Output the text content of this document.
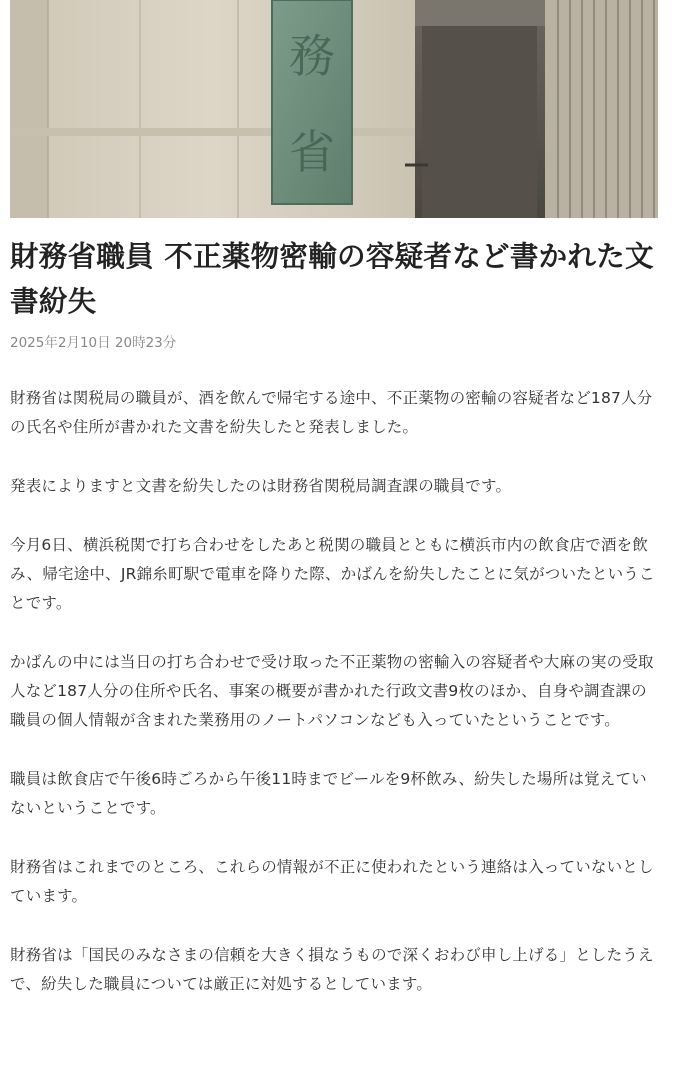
務
省
財務省職員 不正薬物密輸の容疑者など書かれた文書紛失

2025年2月10日 20時23分

財務省は関税局の職員が、酒を飲んで帰宅する途中、不正薬物の密輸の容疑者など187人分の氏名や住所が書かれた文書を紛失したと発表しました。

発表によりますと文書を紛失したのは財務省関税局調査課の職員です。

今月6日、横浜税関で打ち合わせをしたあと税関の職員とともに横浜市内の飲食店で酒を飲み、帰宅途中、JR錦糸町駅で電車を降りた際、かばんを紛失したことに気がついたということです。

かばんの中には当日の打ち合わせで受け取った不正薬物の密輸入の容疑者や大麻の実の受取人など187人分の住所や氏名、事案の概要が書かれた行政文書9枚のほか、自身や調査課の職員の個人情報が含まれた業務用のノートパソコンなども入っていたということです。

職員は飲食店で午後6時ごろから午後11時までビールを9杯飲み、紛失した場所は覚えていないということです。

財務省はこれまでのところ、これらの情報が不正に使われたという連絡は入っていないとしています。

財務省は「国民のみなさまの信頼を大きく損なうもので深くおわび申し上げる」としたうえで、紛失した職員については厳正に対処するとしています。
